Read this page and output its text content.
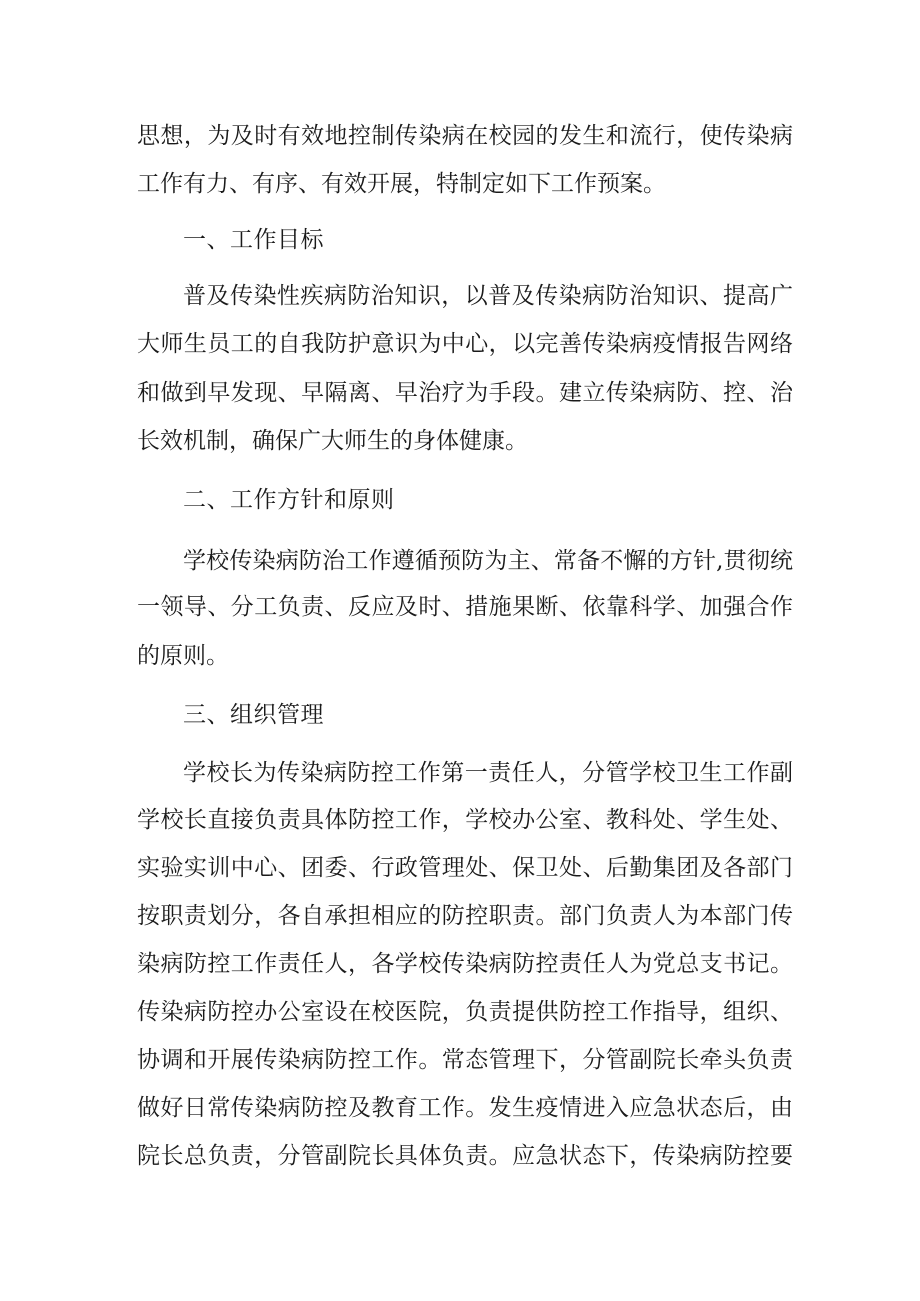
思想，为及时有效地控制传染病在校园的发生和流行，使传染病
工作有力、有序、有效开展，特制定如下工作预案。
一、工作目标
普及传染性疾病防治知识，以普及传染病防治知识、提高广
大师生员工的自我防护意识为中心，以完善传染病疫情报告网络
和做到早发现、早隔离、早治疗为手段。建立传染病防、控、治
长效机制，确保广大师生的身体健康。
二、工作方针和原则
学校传染病防治工作遵循预防为主、常备不懈的方针,贯彻统
一领导、分工负责、反应及时、措施果断、依靠科学、加强合作
的原则。
三、组织管理
学校长为传染病防控工作第一责任人，分管学校卫生工作副
学校长直接负责具体防控工作，学校办公室、教科处、学生处、
实验实训中心、团委、行政管理处、保卫处、后勤集团及各部门
按职责划分，各自承担相应的防控职责。部门负责人为本部门传
染病防控工作责任人，各学校传染病防控责任人为党总支书记。
传染病防控办公室设在校医院，负责提供防控工作指导，组织、
协调和开展传染病防控工作。常态管理下，分管副院长牵头负责
做好日常传染病防控及教育工作。发生疫情进入应急状态后，由
院长总负责，分管副院长具体负责。应急状态下，传染病防控要
